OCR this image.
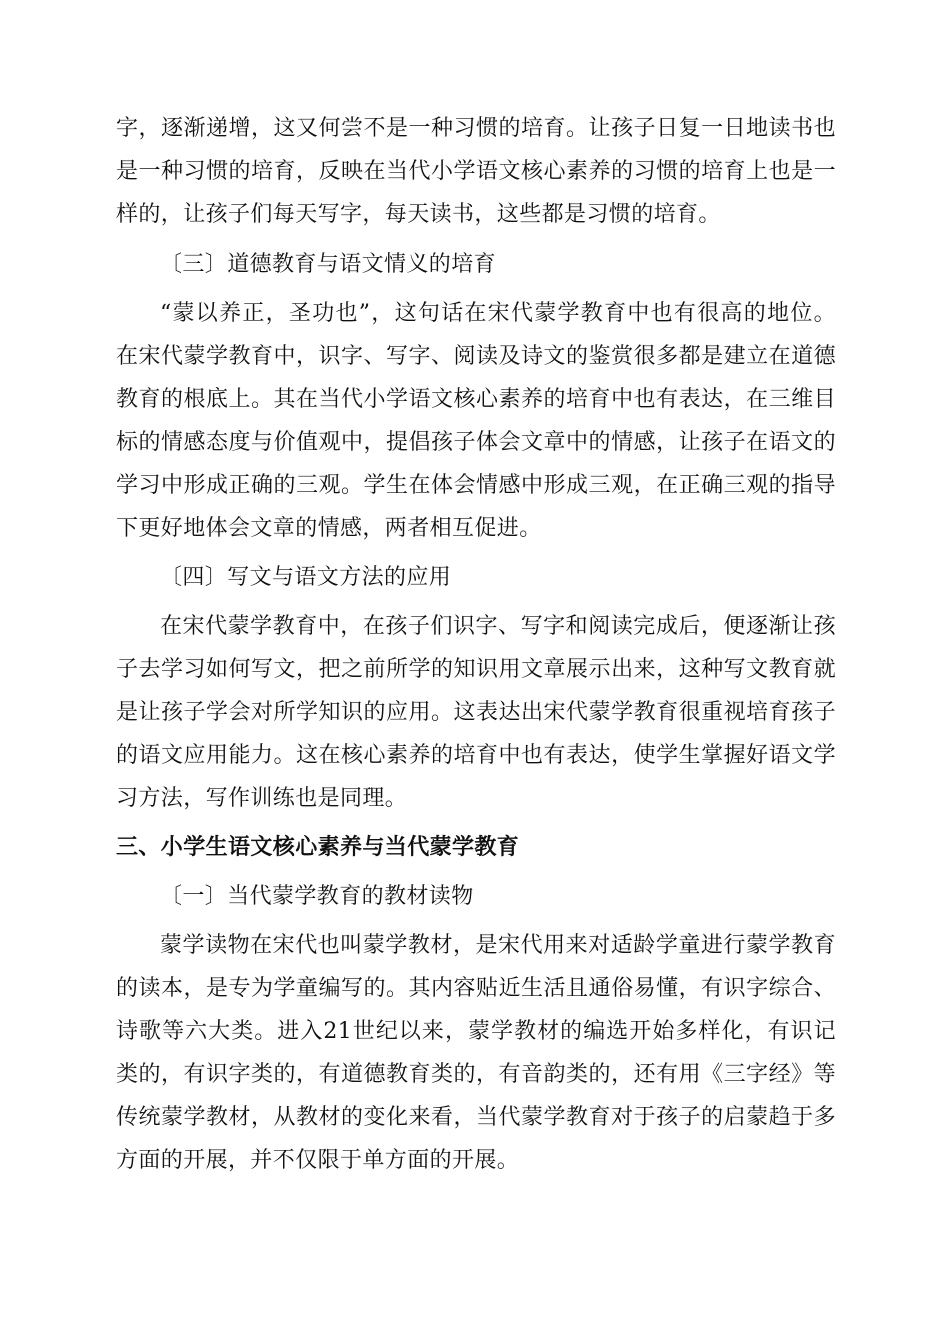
字，逐渐递增，这又何尝不是一种习惯的培育。让孩子日复一日地读书也
是一种习惯的培育，反映在当代小学语文核心素养的习惯的培育上也是一
样的，让孩子们每天写字，每天读书，这些都是习惯的培育。
〔三〕道德教育与语文情义的培育
“蒙以养正，圣功也”，这句话在宋代蒙学教育中也有很高的地位。
在宋代蒙学教育中，识字、写字、阅读及诗文的鉴赏很多都是建立在道德
教育的根底上。其在当代小学语文核心素养的培育中也有表达，在三维目
标的情感态度与价值观中，提倡孩子体会文章中的情感，让孩子在语文的
学习中形成正确的三观。学生在体会情感中形成三观，在正确三观的指导
下更好地体会文章的情感，两者相互促进。
〔四〕写文与语文方法的应用
在宋代蒙学教育中，在孩子们识字、写字和阅读完成后，便逐渐让孩
子去学习如何写文，把之前所学的知识用文章展示出来，这种写文教育就
是让孩子学会对所学知识的应用。这表达出宋代蒙学教育很重视培育孩子
的语文应用能力。这在核心素养的培育中也有表达，使学生掌握好语文学
习方法，写作训练也是同理。
三、小学生语文核心素养与当代蒙学教育
〔一〕当代蒙学教育的教材读物
蒙学读物在宋代也叫蒙学教材，是宋代用来对适龄学童进行蒙学教育
的读本，是专为学童编写的。其内容贴近生活且通俗易懂，有识字综合、
诗歌等六大类。进入21世纪以来，蒙学教材的编选开始多样化，有识记
类的，有识字类的，有道德教育类的，有音韵类的，还有用《三字经》等
传统蒙学教材，从教材的变化来看，当代蒙学教育对于孩子的启蒙趋于多
方面的开展，并不仅限于单方面的开展。
